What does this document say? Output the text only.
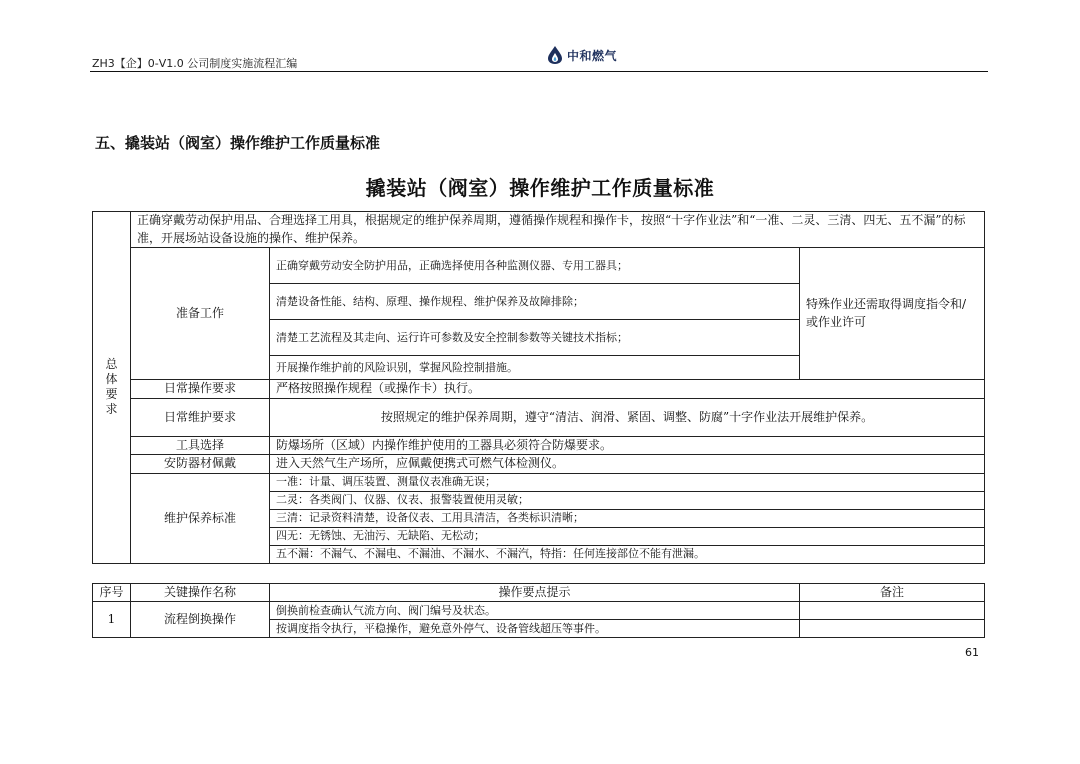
ZH3【企】0-V1.0 公司制度实施流程汇编
中和燃气
五、撬装站（阀室）操作维护工作质量标准
撬装站（阀室）操作维护工作质量标准
总
体
要
求	正确穿戴劳动保护用品、合理选择工用具，根据规定的维护保养周期，遵循操作规程和操作卡，按照“十字作业法”和“一准、二灵、三清、四无、五不漏”的标准，开展场站设备设施的操作、维护保养。		
	准备工作	正确穿戴劳动安全防护用品，正确选择使用各种监测仪器、专用工器具；	特殊作业还需取得调度指令和/或作业许可
		清楚设备性能、结构、原理、操作规程、维护保养及故障排除；	
		清楚工艺流程及其走向、运行许可参数及安全控制参数等关键技术指标；	
		开展操作维护前的风险识别，掌握风险控制措施。	
	日常操作要求	严格按照操作规程（或操作卡）执行。	
	日常维护要求	按照规定的维护保养周期，遵守“清洁、润滑、紧固、调整、防腐”十字作业法开展维护保养。	
	工具选择	防爆场所（区域）内操作维护使用的工器具必须符合防爆要求。	
	安防器材佩戴	进入天然气生产场所，应佩戴便携式可燃气体检测仪。	
	维护保养标准	一准：计量、调压装置、测量仪表准确无误；	
		二灵：各类阀门、仪器、仪表、报警装置使用灵敏；	
		三清：记录资料清楚，设备仪表、工用具清洁，各类标识清晰；	
		四无：无锈蚀、无油污、无缺陷、无松动；	
		五不漏：不漏气、不漏电、不漏油、不漏水、不漏汽，特指：任何连接部位不能有泄漏。	
序号	关键操作名称	操作要点提示	备注
1	流程倒换操作	倒换前检查确认气流方向、阀门编号及状态。	
		按调度指令执行，平稳操作，避免意外停气、设备管线超压等事件。	
61
